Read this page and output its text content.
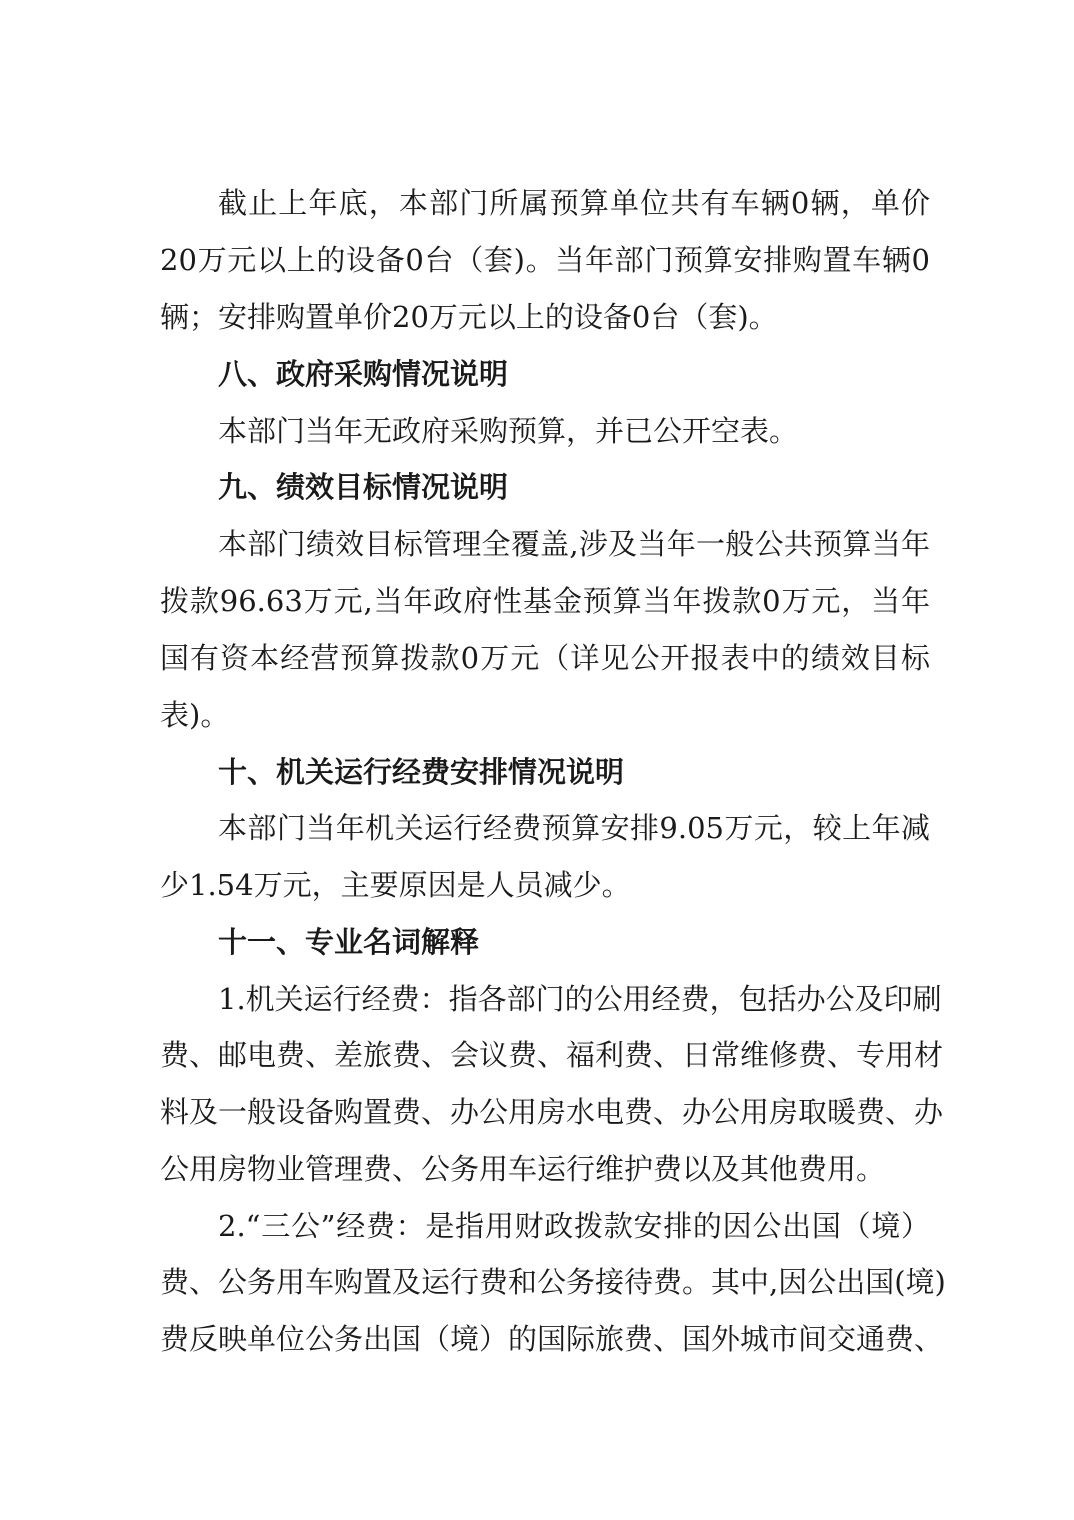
截止上年底，本部门所属预算单位共有车辆0辆，单价
20万元以上的设备0台（套)。当年部门预算安排购置车辆0
辆；安排购置单价20万元以上的设备0台（套)。
八、政府采购情况说明
本部门当年无政府采购预算，并已公开空表。
九、绩效目标情况说明
本部门绩效目标管理全覆盖,涉及当年一般公共预算当年
拨款96.63万元,当年政府性基金预算当年拨款0万元，当年
国有资本经营预算拨款0万元（详见公开报表中的绩效目标
表)。
十、机关运行经费安排情况说明
本部门当年机关运行经费预算安排9.05万元，较上年减
少1.54万元，主要原因是人员减少。
十一、专业名词解释
1.机关运行经费：指各部门的公用经费，包括办公及印刷
费、邮电费、差旅费、会议费、福利费、日常维修费、专用材
料及一般设备购置费、办公用房水电费、办公用房取暖费、办
公用房物业管理费、公务用车运行维护费以及其他费用。
2.“三公”经费：是指用财政拨款安排的因公出国（境）
费、公务用车购置及运行费和公务接待费。其中,因公出国(境)
费反映单位公务出国（境）的国际旅费、国外城市间交通费、
